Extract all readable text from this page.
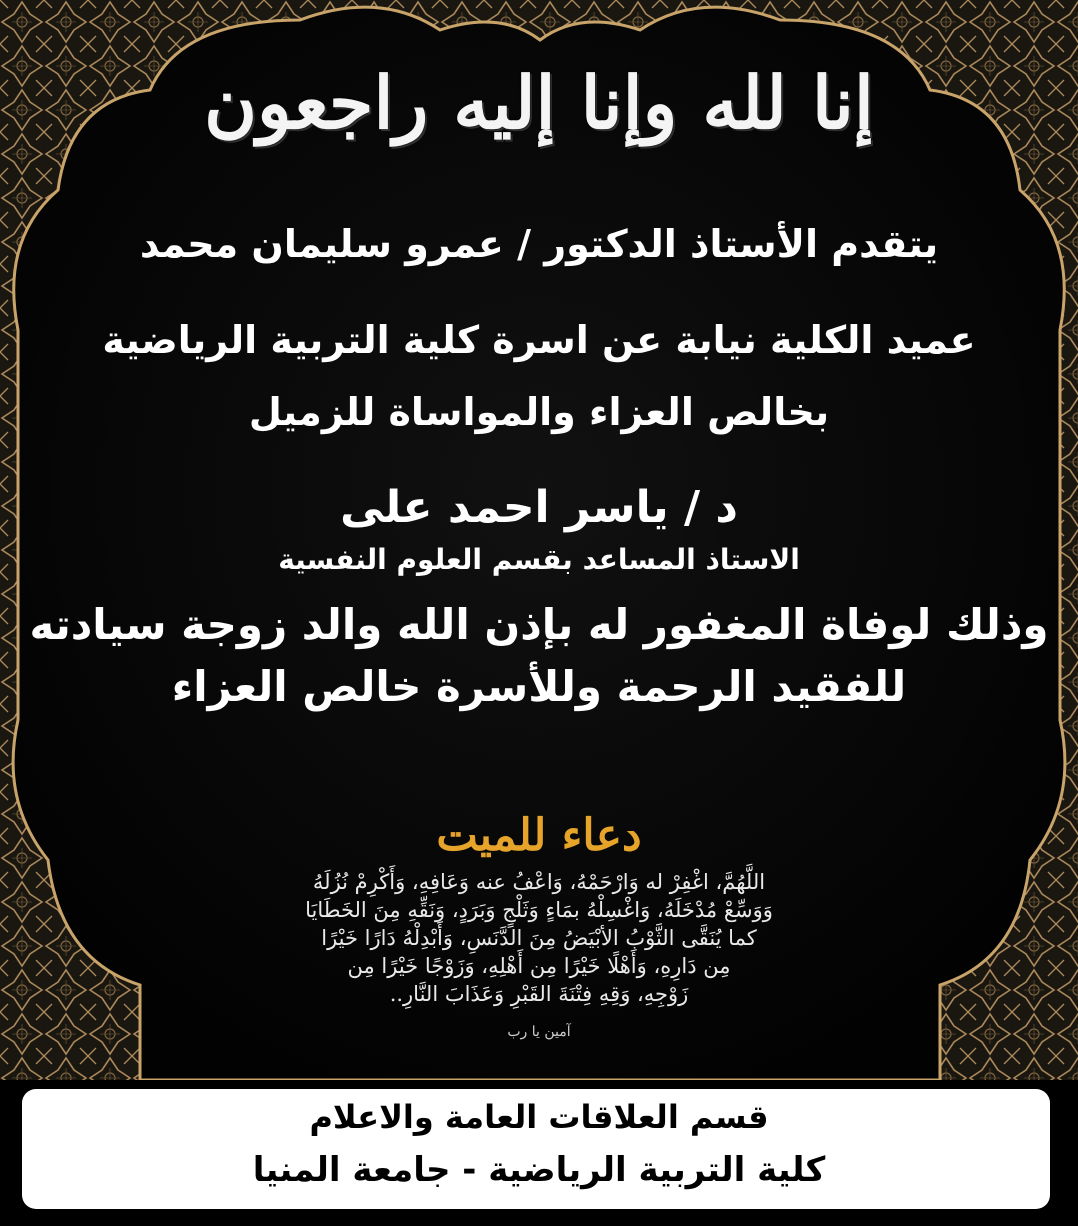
إنا لله وإنا إليه راجعون
يتقدم الأستاذ الدكتور / عمرو سليمان محمد
عميد الكلية نيابة عن اسرة كلية التربية الرياضية
بخالص العزاء والمواساة للزميل
د / ياسر احمد على
الاستاذ المساعد بقسم العلوم النفسية
وذلك لوفاة المغفور له بإذن الله والد زوجة سيادته
للفقيد الرحمة وللأسرة خالص العزاء
دعاء للميت
اللَّهُمَّ، اغْفِرْ له وَارْحَمْهُ، وَاعْفُ عنه وَعَافِهِ، وَأَكْرِمْ نُزُلَهُ
وَوَسِّعْ مُدْخَلَهُ، وَاغْسِلْهُ بمَاءٍ وَثَلْجٍ وَبَرَدٍ، وَنَقِّهِ مِنَ الخَطَايَا
كما يُنَقَّى الثَّوْبُ الأبْيَضُ مِنَ الدَّنَسِ، وَأَبْدِلْهُ دَارًا خَيْرًا
مِن دَارِهِ، وَأَهْلًا خَيْرًا مِن أَهْلِهِ، وَزَوْجًا خَيْرًا مِن
زَوْجِهِ، وَقِهِ فِتْنَةَ القَبْرِ وَعَذَابَ النَّارِ..
آمين يا رب
قسم العلاقات العامة والاعلام
كلية التربية الرياضية - جامعة المنيا
